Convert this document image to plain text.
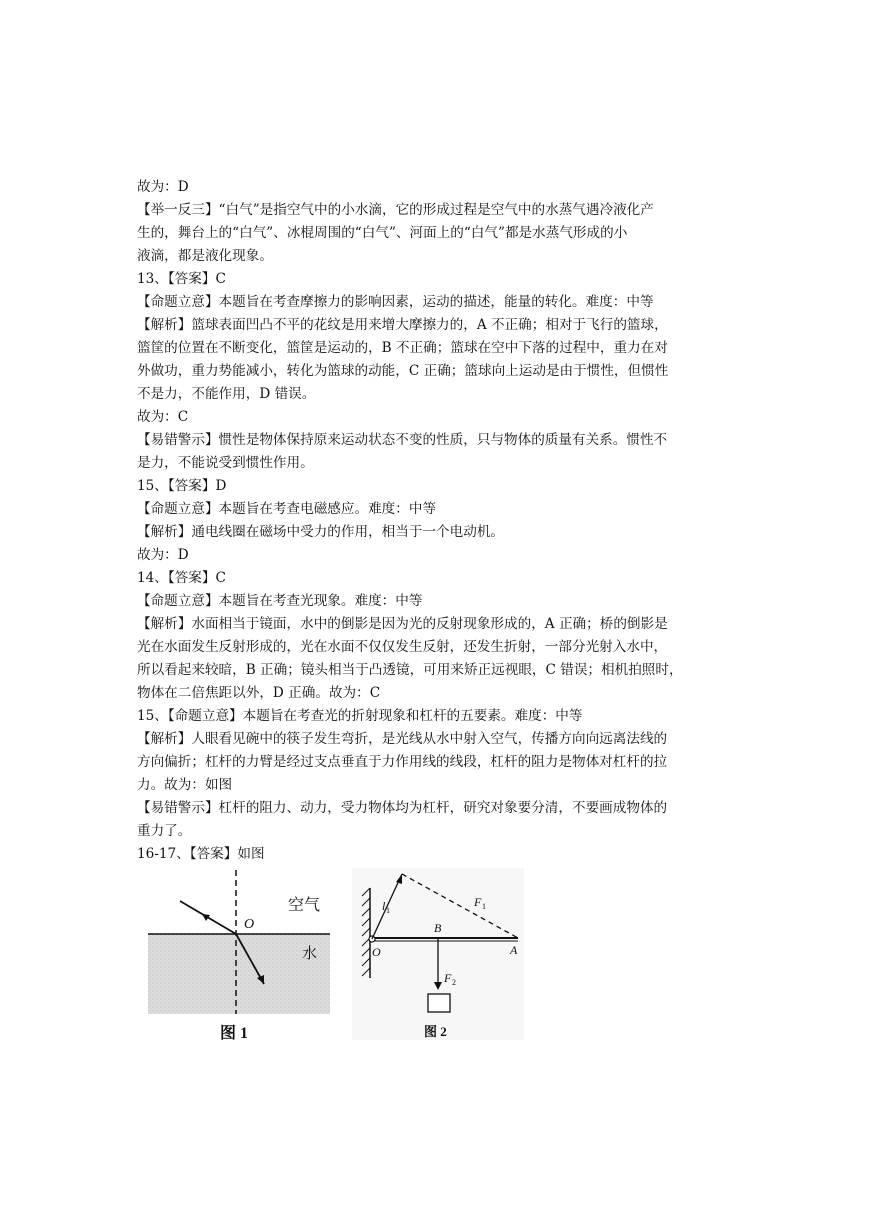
故为：D
【举一反三】“白气”是指空气中的小水滴，它的形成过程是空气中的水蒸气遇冷液化产
生的，舞台上的“白气”、冰棍周围的“白气”、河面上的“白气”都是水蒸气形成的小
液滴，都是液化现象。
13、【答案】C
【命题立意】本题旨在考查摩擦力的影响因素，运动的描述，能量的转化。难度：中等
【解析】篮球表面凹凸不平的花纹是用来增大摩擦力的，A 不正确；相对于飞行的篮球，
篮筐的位置在不断变化，篮筐是运动的，B 不正确；篮球在空中下落的过程中，重力在对
外做功，重力势能减小，转化为篮球的动能，C 正确；篮球向上运动是由于惯性，但惯性
不是力，不能作用，D 错误。
故为：C
【易错警示】惯性是物体保持原来运动状态不变的性质，只与物体的质量有关系。惯性不
是力，不能说受到惯性作用。
15、【答案】D
【命题立意】本题旨在考查电磁感应。难度：中等
【解析】通电线圈在磁场中受力的作用，相当于一个电动机。
故为：D
14、【答案】C
【命题立意】本题旨在考查光现象。难度：中等
【解析】水面相当于镜面，水中的倒影是因为光的反射现象形成的，A 正确；桥的倒影是
光在水面发生反射形成的，光在水面不仅仅发生反射，还发生折射，一部分光射入水中，
所以看起来较暗，B 正确；镜头相当于凸透镜，可用来矫正远视眼，C 错误；相机拍照时，
物体在二倍焦距以外，D 正确。故为：C
15、【命题立意】本题旨在考查光的折射现象和杠杆的五要素。难度：中等
【解析】人眼看见碗中的筷子发生弯折，是光线从水中射入空气，传播方向向远离法线的
方向偏折；杠杆的力臂是经过支点垂直于力作用线的线段，杠杆的阻力是物体对杠杆的拉
力。故为：如图
【易错警示】杠杆的阻力、动力，受力物体均为杠杆，研究对象要分清，不要画成物体的
重力了。
16-17、【答案】如图
空气
水
O
图 1
O
B
A
F 1
l 1
F 2
图 2
